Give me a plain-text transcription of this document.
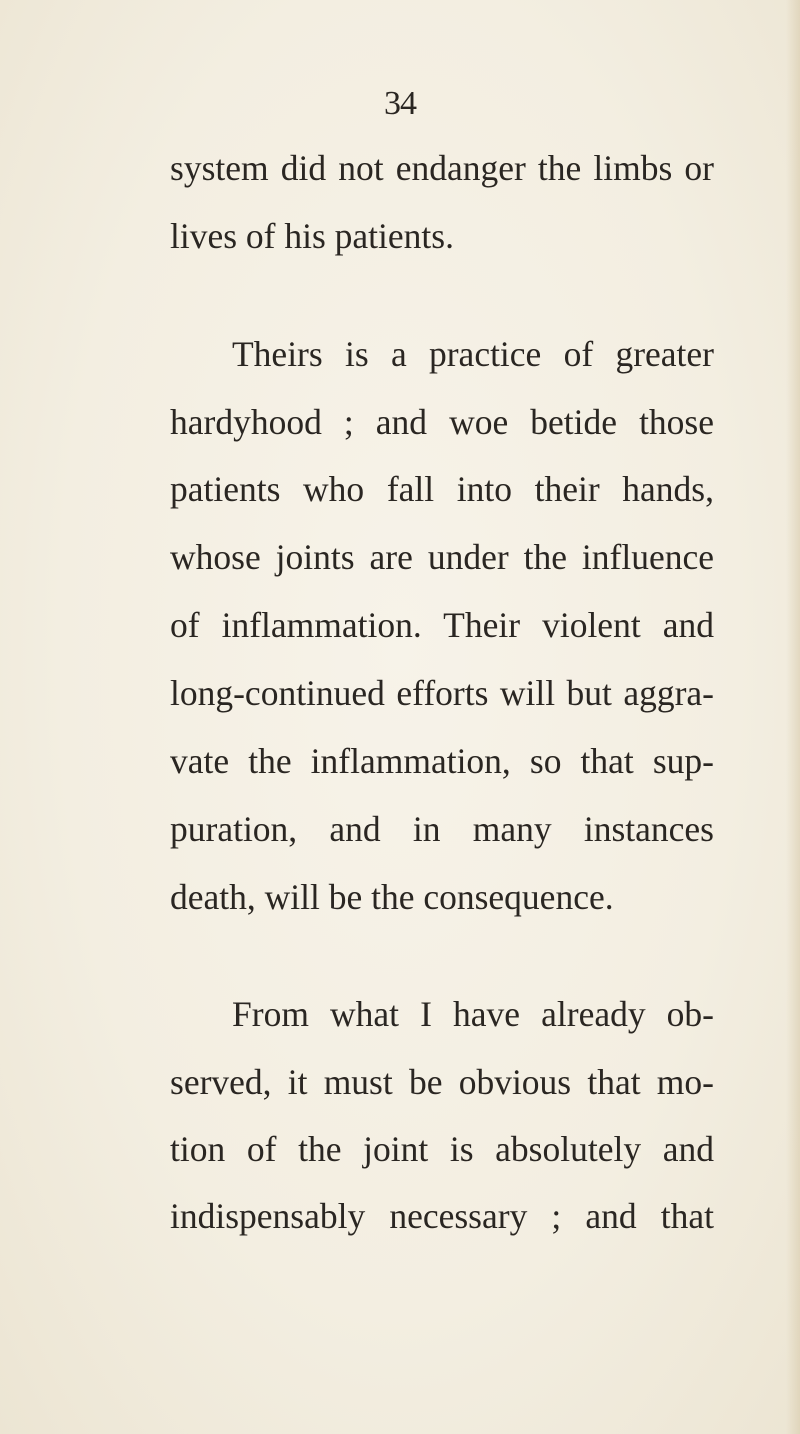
34
system did not endanger the limbs or
lives of his patients.
Theirs is a practice of greater
hardyhood ; and woe betide those
patients who fall into their hands,
whose joints are under the influence
of inflammation. Their violent and
long-continued efforts will but aggra-
vate the inflammation, so that sup-
puration, and in many instances
death, will be the consequence.
From what I have already ob-
served, it must be obvious that mo-
tion of the joint is absolutely and
indispensably necessary ; and that
